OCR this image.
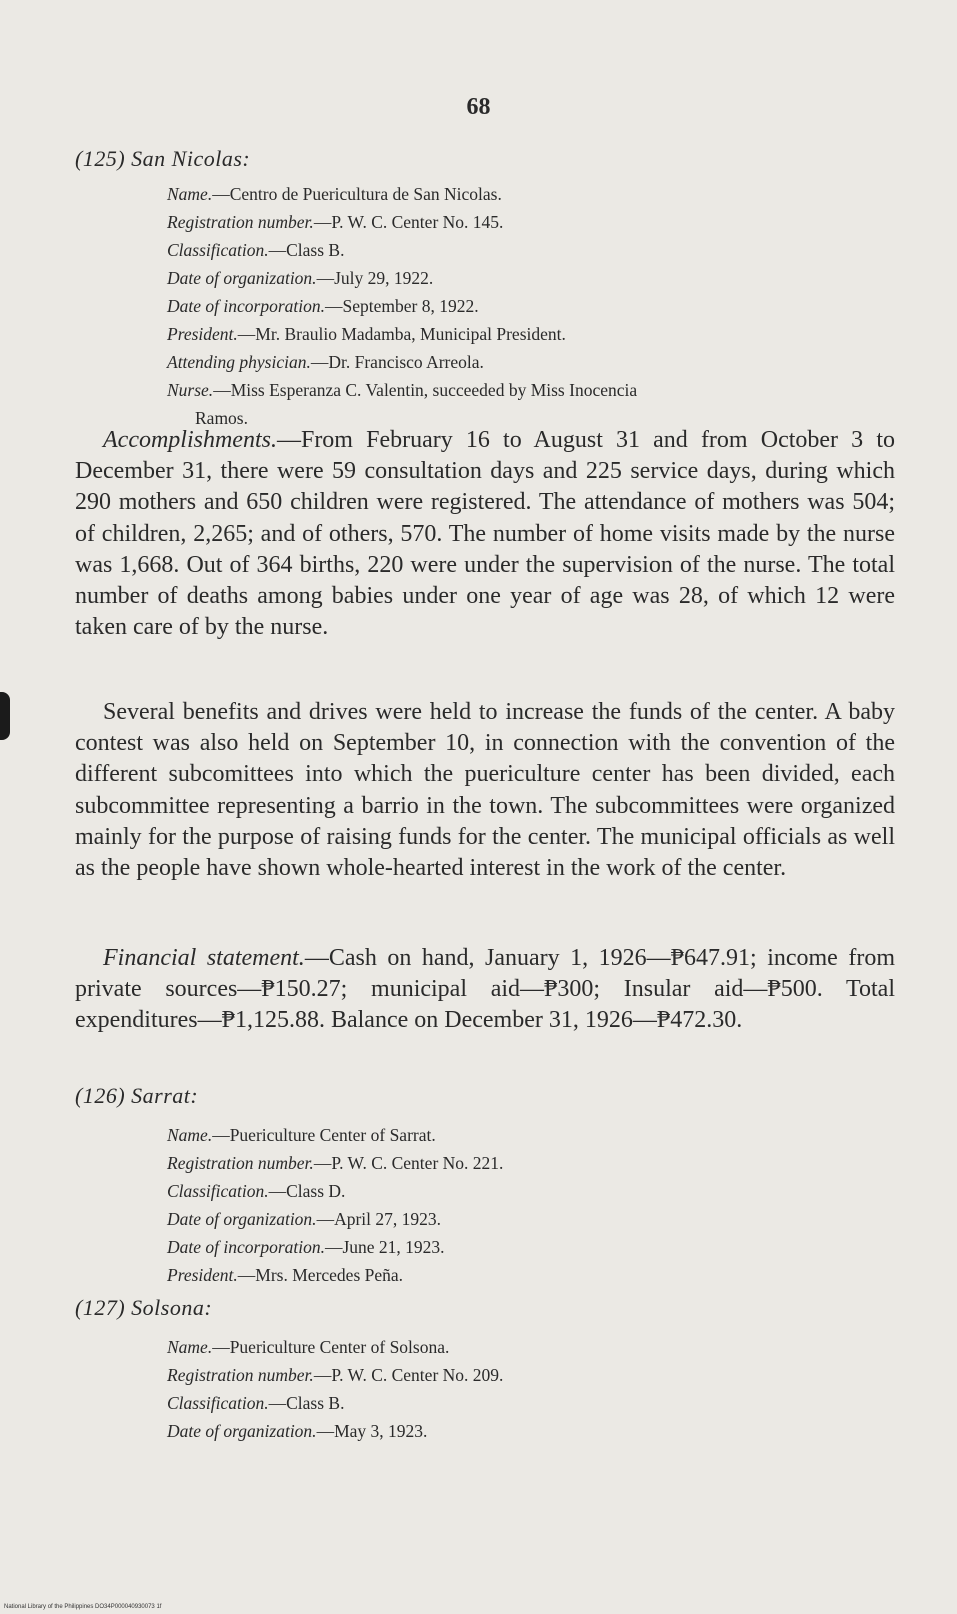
68
(125) San Nicolas:
Name.—Centro de Puericultura de San Nicolas.
Registration number.—P. W. C. Center No. 145.
Classification.—Class B.
Date of organization.—July 29, 1922.
Date of incorporation.—September 8, 1922.
President.—Mr. Braulio Madamba, Municipal President.
Attending physician.—Dr. Francisco Arreola.
Nurse.—Miss Esperanza C. Valentin, succeeded by Miss Inocencia
Ramos.
Accomplishments.—From February 16 to August 31 and from October 3 to December 31, there were 59 consultation days and 225 service days, during which 290 mothers and 650 children were registered. The attendance of mothers was 504; of children, 2,265; and of others, 570. The number of home visits made by the nurse was 1,668. Out of 364 births, 220 were under the supervision of the nurse. The total number of deaths among babies under one year of age was 28, of which 12 were taken care of by the nurse.
Several benefits and drives were held to increase the funds of the center. A baby contest was also held on September 10, in connection with the convention of the different subcomittees into which the puericulture center has been divided, each subcommittee representing a barrio in the town. The subcommittees were organized mainly for the purpose of raising funds for the center. The municipal officials as well as the people have shown whole-hearted interest in the work of the center.
Financial statement.—Cash on hand, January 1, 1926—₱647.91; income from private sources—₱150.27; municipal aid—₱300; Insular aid—₱500. Total expenditures—₱1,125.88. Balance on December 31, 1926—₱472.30.
(126) Sarrat:
Name.—Puericulture Center of Sarrat.
Registration number.—P. W. C. Center No. 221.
Classification.—Class D.
Date of organization.—April 27, 1923.
Date of incorporation.—June 21, 1923.
President.—Mrs. Mercedes Peña.
(127) Solsona:
Name.—Puericulture Center of Solsona.
Registration number.—P. W. C. Center No. 209.
Classification.—Class B.
Date of organization.—May 3, 1923.
National Library of the Philippines DO34P000040930073 1f
